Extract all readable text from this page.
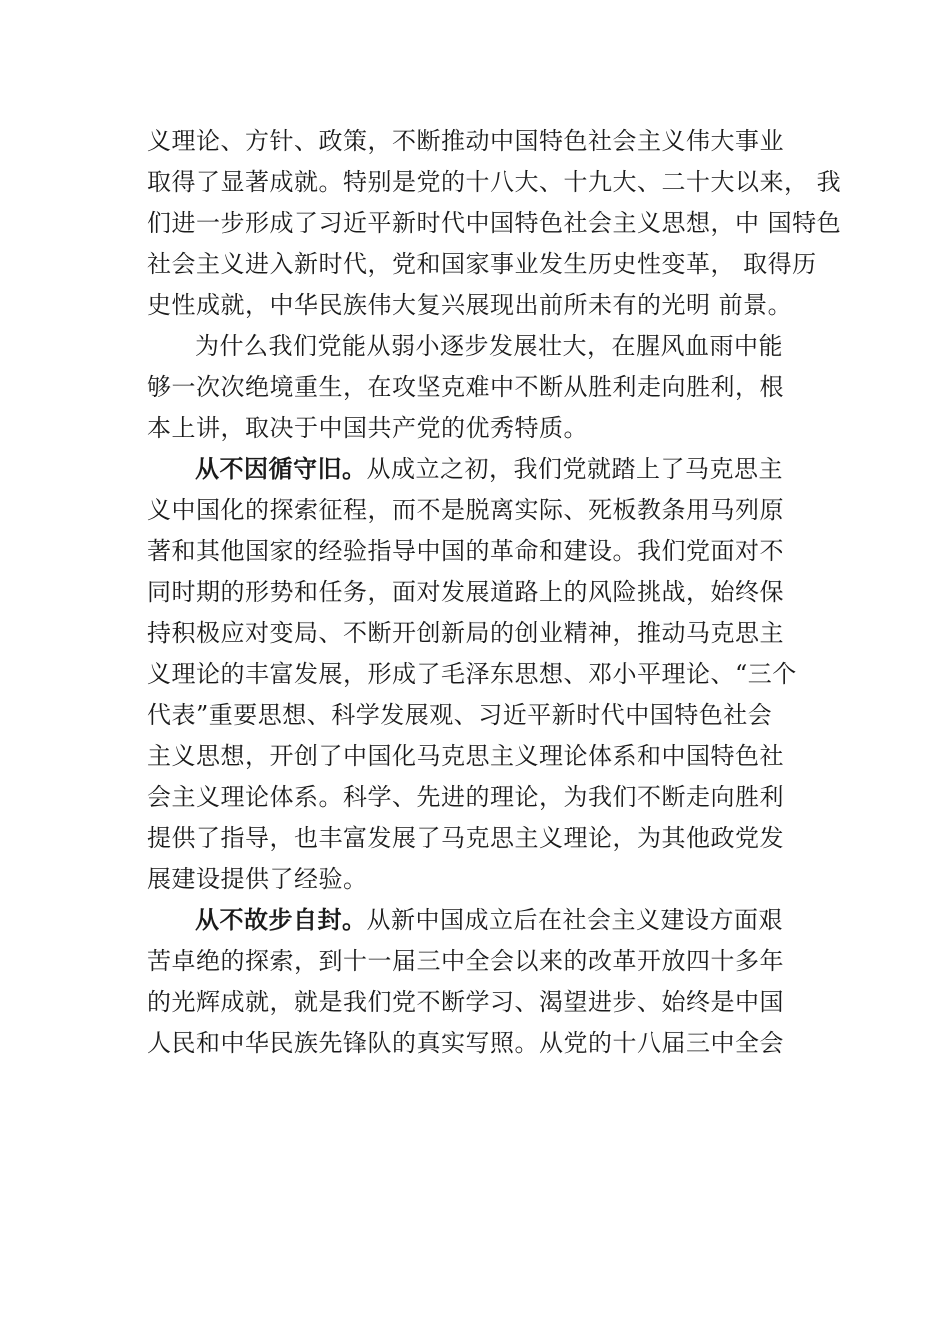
义理论、方针、政策，不断推动中国特色社会主义伟大事业
取得了显著成就。特别是党的十八大、十九大、二十大以来， 我
们进一步形成了习近平新时代中国特色社会主义思想，中 国特色
社会主义进入新时代，党和国家事业发生历史性变革， 取得历
史性成就，中华民族伟大复兴展现出前所未有的光明 前景。
为什么我们党能从弱小逐步发展壮大，在腥风血雨中能
够一次次绝境重生，在攻坚克难中不断从胜利走向胜利，根
本上讲，取决于中国共产党的优秀特质。
从不因循守旧。从成立之初，我们党就踏上了马克思主
义中国化的探索征程，而不是脱离实际、死板教条用马列原
著和其他国家的经验指导中国的革命和建设。我们党面对不
同时期的形势和任务，面对发展道路上的风险挑战，始终保
持积极应对变局、不断开创新局的创业精神，推动马克思主
义理论的丰富发展，形成了毛泽东思想、邓小平理论、“三个
代表”重要思想、科学发展观、习近平新时代中国特色社会
主义思想，开创了中国化马克思主义理论体系和中国特色社
会主义理论体系。科学、先进的理论，为我们不断走向胜利
提供了指导，也丰富发展了马克思主义理论，为其他政党发
展建设提供了经验。
从不故步自封。从新中国成立后在社会主义建设方面艰
苦卓绝的探索，到十一届三中全会以来的改革开放四十多年
的光辉成就，就是我们党不断学习、渴望进步、始终是中国
人民和中华民族先锋队的真实写照。从党的十八届三中全会
